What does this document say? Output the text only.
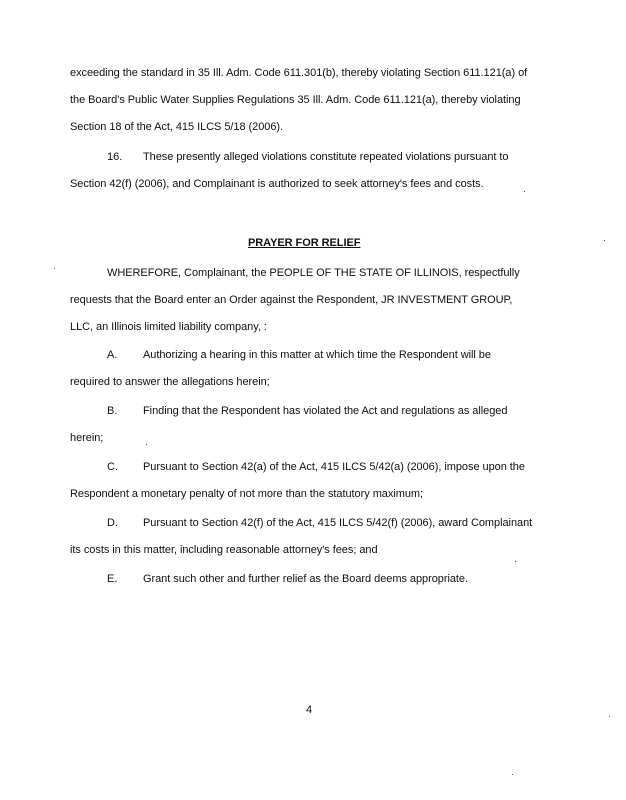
exceeding the standard in 35 Ill. Adm. Code 611.301(b), thereby violating Section 611.121(a) of
the Board's Public Water Supplies Regulations 35 Ill. Adm. Code 611.121(a), thereby violating
Section 18 of the Act, 415 ILCS 5/18 (2006).
16. These presently alleged violations constitute repeated violations pursuant to
Section 42(f) (2006), and Complainant is authorized to seek attorney's fees and costs.
PRAYER FOR RELIEF
WHEREFORE, Complainant, the PEOPLE OF THE STATE OF ILLINOIS, respectfully
requests that the Board enter an Order against the Respondent, JR INVESTMENT GROUP,
LLC, an Illinois limited liability company, :
A. Authorizing a hearing in this matter at which time the Respondent will be
required to answer the allegations herein;
B. Finding that the Respondent has violated the Act and regulations as alleged
herein;
C. Pursuant to Section 42(a) of the Act, 415 ILCS 5/42(a) (2006), impose upon the
Respondent a monetary penalty of not more than the statutory maximum;
D. Pursuant to Section 42(f) of the Act, 415 ILCS 5/42(f) (2006), award Complainant
its costs in this matter, including reasonable attorney's fees; and
E. Grant such other and further relief as the Board deems appropriate.
4
